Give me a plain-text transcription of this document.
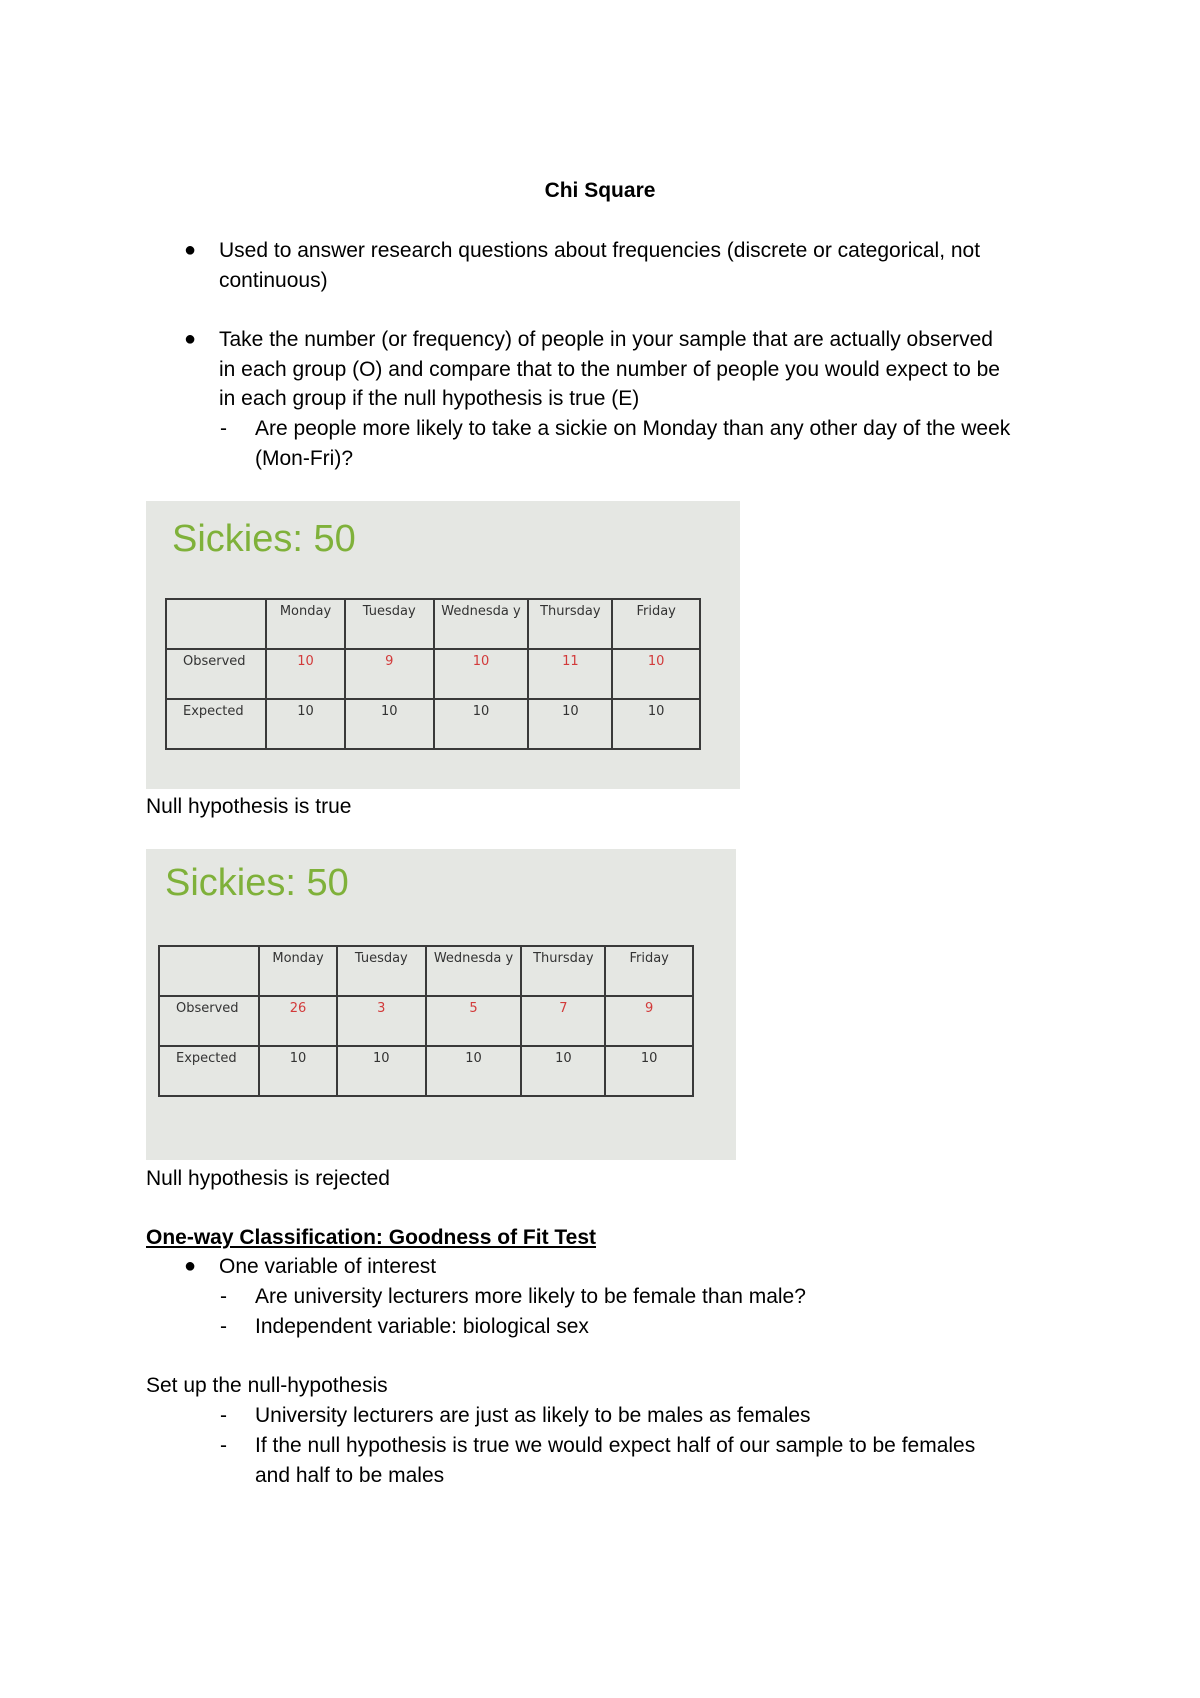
Chi Square
● Used to answer research questions about frequencies (discrete or categorical, not
continuous)
● Take the number (or frequency) of people in your sample that are actually observed
in each group (O) and compare that to the number of people you would expect to be
in each group if the null hypothesis is true (E)
- Are people more likely to take a sickie on Monday than any other day of the week
(Mon-Fri)?
Sickies: 50
	Monday	Tuesday	Wednesda y	Thursday	Friday
Observed	10	9	10	11	10
Expected	10	10	10	10	10
Null hypothesis is true
Sickies: 50
	Monday	Tuesday	Wednesda y	Thursday	Friday
Observed	26	3	5	7	9
Expected	10	10	10	10	10
Null hypothesis is rejected
One-way Classification: Goodness of Fit Test
● One variable of interest
- Are university lecturers more likely to be female than male?
- Independent variable: biological sex
Set up the null-hypothesis
- University lecturers are just as likely to be males as females
- If the null hypothesis is true we would expect half of our sample to be females
and half to be males
